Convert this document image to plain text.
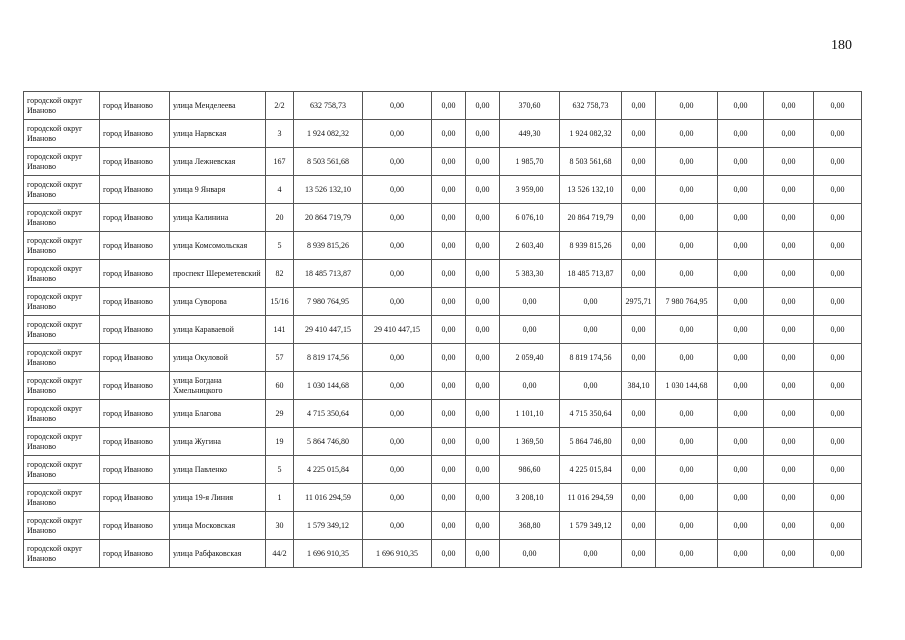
180
городской округ Иваново	город Иваново	улица Менделеева	2/2	632 758,73	0,00	0,00	0,00	370,60	632 758,73	0,00	0,00	0,00	0,00	0,00
городской округ Иваново	город Иваново	улица Нарвская	3	1 924 082,32	0,00	0,00	0,00	449,30	1 924 082,32	0,00	0,00	0,00	0,00	0,00
городской округ Иваново	город Иваново	улица Лежневская	167	8 503 561,68	0,00	0,00	0,00	1 985,70	8 503 561,68	0,00	0,00	0,00	0,00	0,00
городской округ Иваново	город Иваново	улица 9 Января	4	13 526 132,10	0,00	0,00	0,00	3 959,00	13 526 132,10	0,00	0,00	0,00	0,00	0,00
городской округ Иваново	город Иваново	улица Калинина	20	20 864 719,79	0,00	0,00	0,00	6 076,10	20 864 719,79	0,00	0,00	0,00	0,00	0,00
городской округ Иваново	город Иваново	улица Комсомольская	5	8 939 815,26	0,00	0,00	0,00	2 603,40	8 939 815,26	0,00	0,00	0,00	0,00	0,00
городской округ Иваново	город Иваново	проспект Шереметевский	82	18 485 713,87	0,00	0,00	0,00	5 383,30	18 485 713,87	0,00	0,00	0,00	0,00	0,00
городской округ Иваново	город Иваново	улица Суворова	15/16	7 980 764,95	0,00	0,00	0,00	0,00	0,00	2975,71	7 980 764,95	0,00	0,00	0,00
городской округ Иваново	город Иваново	улица Караваевой	141	29 410 447,15	29 410 447,15	0,00	0,00	0,00	0,00	0,00	0,00	0,00	0,00	0,00
городской округ Иваново	город Иваново	улица Окуловой	57	8 819 174,56	0,00	0,00	0,00	2 059,40	8 819 174,56	0,00	0,00	0,00	0,00	0,00
городской округ Иваново	город Иваново	улица Богдана Хмельницкого	60	1 030 144,68	0,00	0,00	0,00	0,00	0,00	384,10	1 030 144,68	0,00	0,00	0,00
городской округ Иваново	город Иваново	улица Благова	29	4 715 350,64	0,00	0,00	0,00	1 101,10	4 715 350,64	0,00	0,00	0,00	0,00	0,00
городской округ Иваново	город Иваново	улица Жугина	19	5 864 746,80	0,00	0,00	0,00	1 369,50	5 864 746,80	0,00	0,00	0,00	0,00	0,00
городской округ Иваново	город Иваново	улица Павленко	5	4 225 015,84	0,00	0,00	0,00	986,60	4 225 015,84	0,00	0,00	0,00	0,00	0,00
городской округ Иваново	город Иваново	улица 19-я Линия	1	11 016 294,59	0,00	0,00	0,00	3 208,10	11 016 294,59	0,00	0,00	0,00	0,00	0,00
городской округ Иваново	город Иваново	улица Московская	30	1 579 349,12	0,00	0,00	0,00	368,80	1 579 349,12	0,00	0,00	0,00	0,00	0,00
городской округ Иваново	город Иваново	улица Рабфаковская	44/2	1 696 910,35	1 696 910,35	0,00	0,00	0,00	0,00	0,00	0,00	0,00	0,00	0,00
